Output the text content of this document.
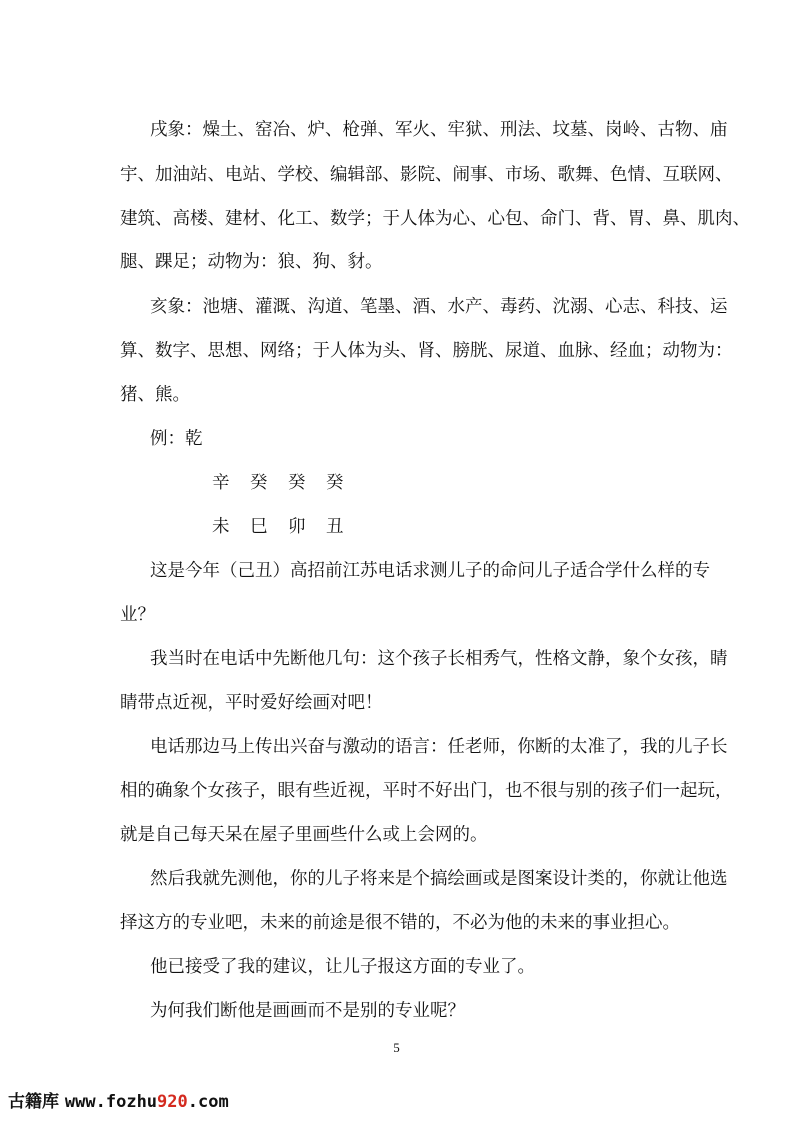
戌象：燥土、窑冶、炉、枪弹、军火、牢狱、刑法、坟墓、岗岭、古物、庙
宇、加油站、电站、学校、编辑部、影院、闹事、市场、歌舞、色情、互联网、
建筑、高楼、建材、化工、数学；于人体为心、心包、命门、背、胃、鼻、肌肉、
腿、踝足；动物为：狼、狗、豺。
亥象：池塘、灌溉、沟道、笔墨、酒、水产、毒药、沈溺、心志、科技、运
算、数字、思想、网络；于人体为头、肾、膀胱、尿道、血脉、经血；动物为：
猪、熊。
例：乾
辛 癸 癸 癸
未 巳 卯 丑
这是今年（己丑）高招前江苏电话求测儿子的命问儿子适合学什么样的专
业？
我当时在电话中先断他几句：这个孩子长相秀气，性格文静，象个女孩，睛
睛带点近视，平时爱好绘画对吧！
电话那边马上传出兴奋与激动的语言：任老师，你断的太准了，我的儿子长
相的确象个女孩子，眼有些近视，平时不好出门，也不很与别的孩子们一起玩，
就是自己每天呆在屋子里画些什么或上会网的。
然后我就先测他，你的儿子将来是个搞绘画或是图案设计类的，你就让他选
择这方的专业吧，未来的前途是很不错的，不必为他的未来的事业担心。
他已接受了我的建议，让儿子报这方面的专业了。
为何我们断他是画画而不是别的专业呢？
5
古籍库 www.fozhu920.com
